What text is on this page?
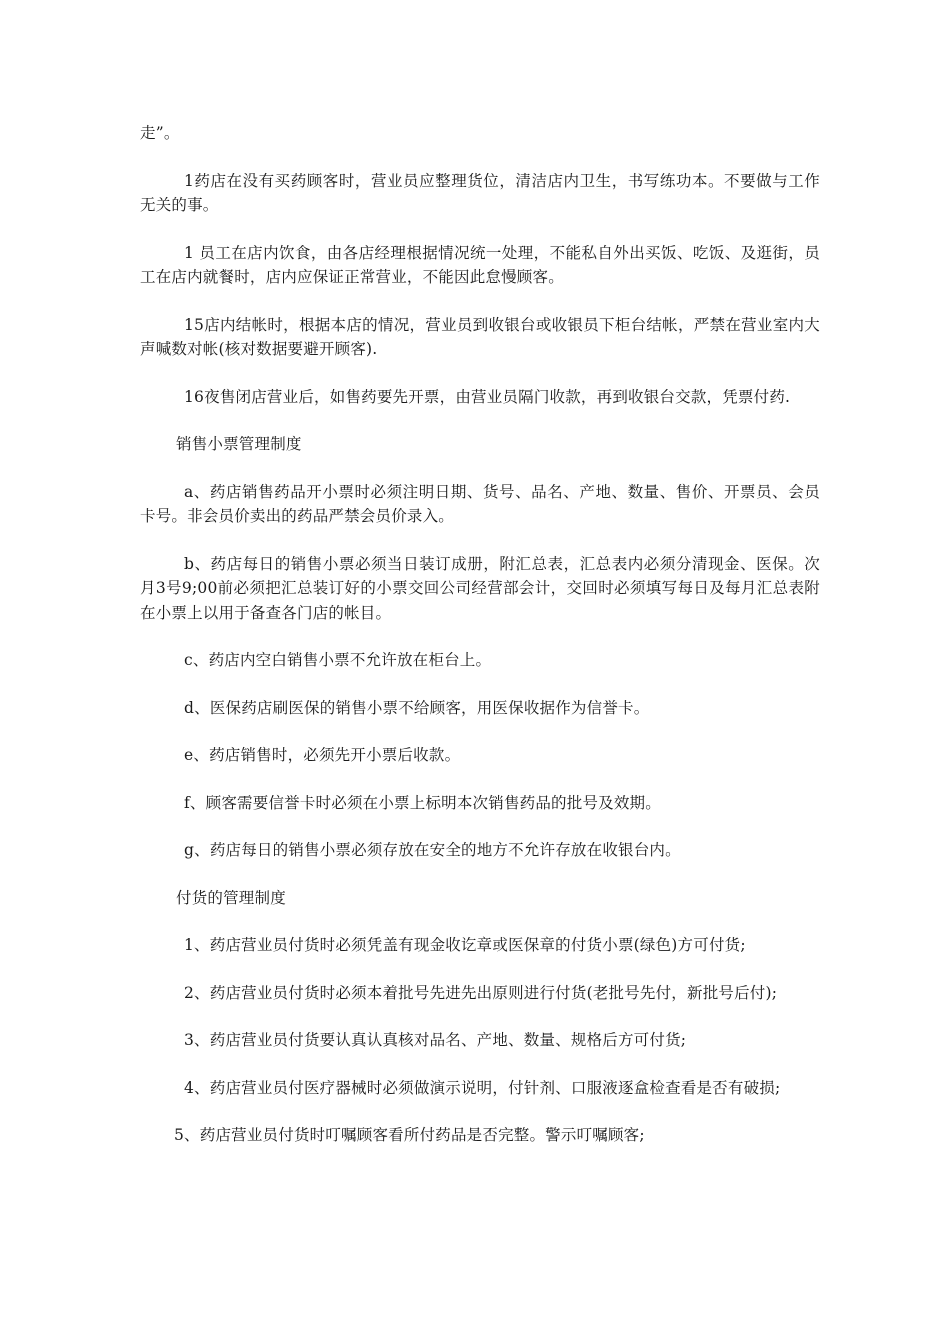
走”。

1药店在没有买药顾客时，营业员应整理货位，清洁店内卫生，书写练功本。不要做与工作无关的事。

1 员工在店内饮食，由各店经理根据情况统一处理，不能私自外出买饭、吃饭、及逛街，员工在店内就餐时，店内应保证正常营业，不能因此怠慢顾客。

15店内结帐时，根据本店的情况，营业员到收银台或收银员下柜台结帐，严禁在营业室内大声喊数对帐(核对数据要避开顾客).

16夜售闭店营业后，如售药要先开票，由营业员隔门收款，再到收银台交款，凭票付药.

销售小票管理制度

a、药店销售药品开小票时必须注明日期、货号、品名、产地、数量、售价、开票员、会员卡号。非会员价卖出的药品严禁会员价录入。

b、药店每日的销售小票必须当日装订成册，附汇总表，汇总表内必须分清现金、医保。次月3号9;00前必须把汇总装订好的小票交回公司经营部会计，交回时必须填写每日及每月汇总表附在小票上以用于备查各门店的帐目。

c、药店内空白销售小票不允许放在柜台上。

d、医保药店刷医保的销售小票不给顾客，用医保收据作为信誉卡。

e、药店销售时，必须先开小票后收款。

f、顾客需要信誉卡时必须在小票上标明本次销售药品的批号及效期。

g、药店每日的销售小票必须存放在安全的地方不允许存放在收银台内。

付货的管理制度

1、药店营业员付货时必须凭盖有现金收讫章或医保章的付货小票(绿色)方可付货;

2、药店营业员付货时必须本着批号先进先出原则进行付货(老批号先付，新批号后付);

3、药店营业员付货要认真认真核对品名、产地、数量、规格后方可付货;

4、药店营业员付医疗器械时必须做演示说明，付针剂、口服液逐盒检查看是否有破损;

5、药店营业员付货时叮嘱顾客看所付药品是否完整。警示叮嘱顾客;
